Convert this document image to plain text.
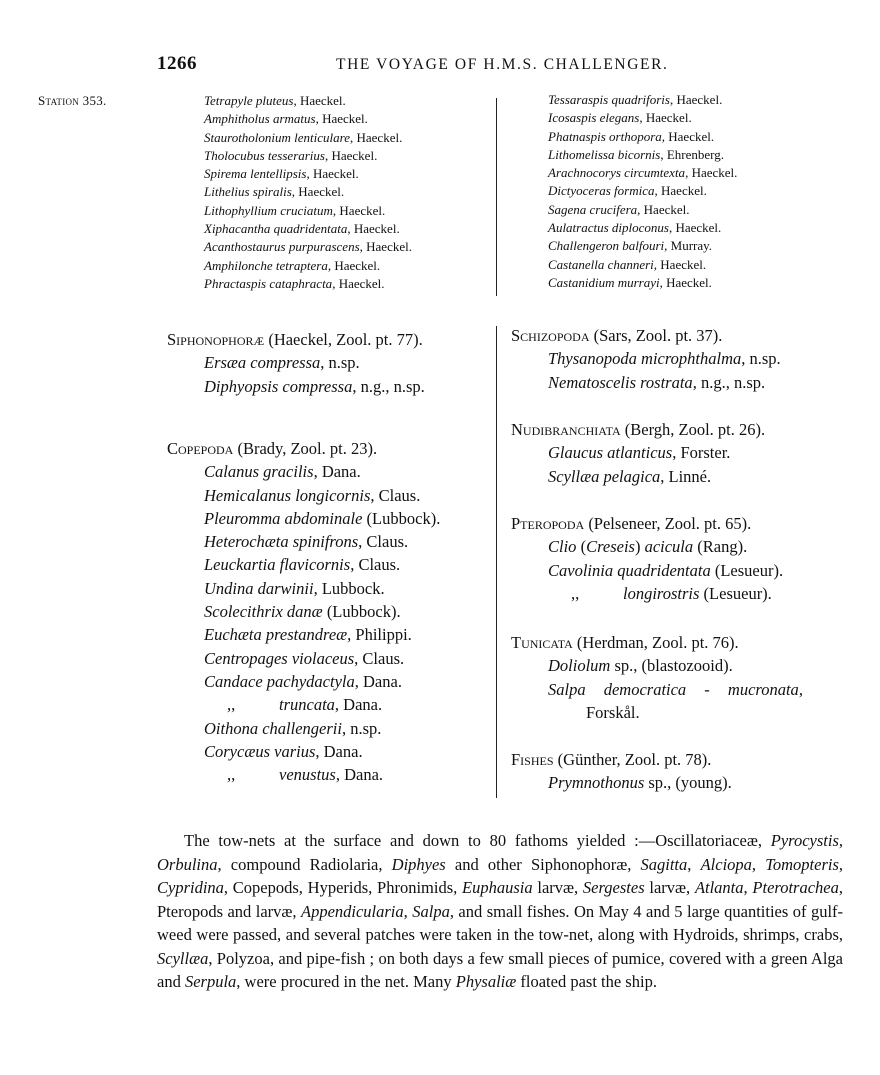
1266	THE VOYAGE OF H.M.S. CHALLENGER.
Station 353.	Tetrapyle pluteus, Haeckel.
Amphitholus armatus, Haeckel.
Staurotholonium lenticulare, Haeckel.
Tholocubus tesserarius, Haeckel.
Spirema lentellipsis, Haeckel.
Lithelius spiralis, Haeckel.
Lithophyllium cruciatum, Haeckel.
Xiphacantha quadridentata, Haeckel.
Acanthostaurus purpurascens, Haeckel.
Amphilonche tetraptera, Haeckel.
Phractaspis cataphracta, Haeckel.
Tessaraspis quadriforis, Haeckel.
Icosaspis elegans, Haeckel.
Phatnaspis orthopora, Haeckel.
Lithomelissa bicornis, Ehrenberg.
Arachnocorys circumtexta, Haeckel.
Dictyoceras formica, Haeckel.
Sagena crucifera, Haeckel.
Aulatractus diploconus, Haeckel.
Challengeron balfouri, Murray.
Castanella channeri, Haeckel.
Castanidium murrayi, Haeckel.
Siphonophoræ (Haeckel, Zool. pt. 77).
Ersæa compressa, n.sp.
Diphyopsis compressa, n.g., n.sp.
Copepoda (Brady, Zool. pt. 23).
Calanus gracilis, Dana.
Hemicalanus longicornis, Claus.
Pleuromma abdominale (Lubbock).
Heterochæta spinifrons, Claus.
Leuckartia flavicornis, Claus.
Undina darwinii, Lubbock.
Scolecithrix danæ (Lubbock).
Euchæta prestandreæ, Philippi.
Centropages violaceus, Claus.
Candace pachydactyla, Dana.
,,	truncata, Dana.
Oithona challengerii, n.sp.
Corycæus varius, Dana.
,,	venustus, Dana.
Schizopoda (Sars, Zool. pt. 37).
Thysanopoda microphthalma, n.sp.
Nematoscelis rostrata, n.g., n.sp.
Nudibranchiata (Bergh, Zool. pt. 26).
Glaucus atlanticus, Forster.
Scyllæa pelagica, Linné.
Pteropoda (Pelseneer, Zool. pt. 65).
Clio (Creseis) acicula (Rang).
Cavolinia quadridentata (Lesueur).
,,	longirostris (Lesueur).
Tunicata (Herdman, Zool. pt. 76).
Doliolum sp., (blastozooid).
Salpa democratica - mucronata,
Forskål.
Fishes (Günther, Zool. pt. 78).
Prymnothonus sp., (young).
The tow-nets at the surface and down to 80 fathoms yielded :—Oscillatoriaceæ, Pyrocystis, Orbulina, compound Radiolaria, Diphyes and other Siphonophoræ, Sagitta, Alciopa, Tomopteris, Cypridina, Copepods, Hyperids, Phronimids, Euphausia larvæ, Sergestes larvæ, Atlanta, Pterotrachea, Pteropods and larvæ, Appendicularia, Salpa, and small fishes. On May 4 and 5 large quantities of gulf-weed were passed, and several patches were taken in the tow-net, along with Hydroids, shrimps, crabs, Scyllæa, Polyzoa, and pipe-fish ; on both days a few small pieces of pumice, covered with a green Alga and Serpula, were procured in the net. Many Physaliæ floated past the ship.
